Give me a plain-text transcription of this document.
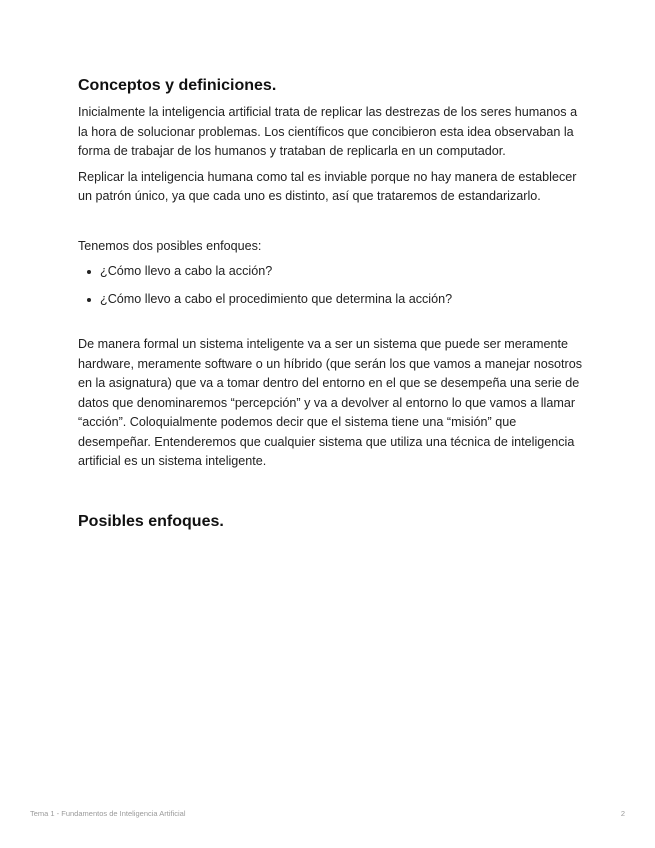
Conceptos y definiciones.

Inicialmente la inteligencia artificial trata de replicar las destrezas de los seres humanos a la hora de solucionar problemas. Los científicos que concibieron esta idea observaban la forma de trabajar de los humanos y trataban de replicarla en un computador.

Replicar la inteligencia humana como tal es inviable porque no hay manera de establecer un patrón único, ya que cada uno es distinto, así que trataremos de estandarizarlo.

Tenemos dos posibles enfoques:

¿Cómo llevo a cabo la acción?
¿Cómo llevo a cabo el procedimiento que determina la acción?

De manera formal un sistema inteligente va a ser un sistema que puede ser meramente hardware, meramente software o un híbrido (que serán los que vamos a manejar nosotros en la asignatura) que va a tomar dentro del entorno en el que se desempeña una serie de datos que denominaremos “percepción” y va a devolver al entorno lo que vamos a llamar “acción”. Coloquialmente podemos decir que el sistema tiene una “misión” que desempeñar. Entenderemos que cualquier sistema que utiliza una técnica de inteligencia artificial es un sistema inteligente.

Posibles enfoques.
Tema 1 - Fundamentos de Inteligencia Artificial	2
